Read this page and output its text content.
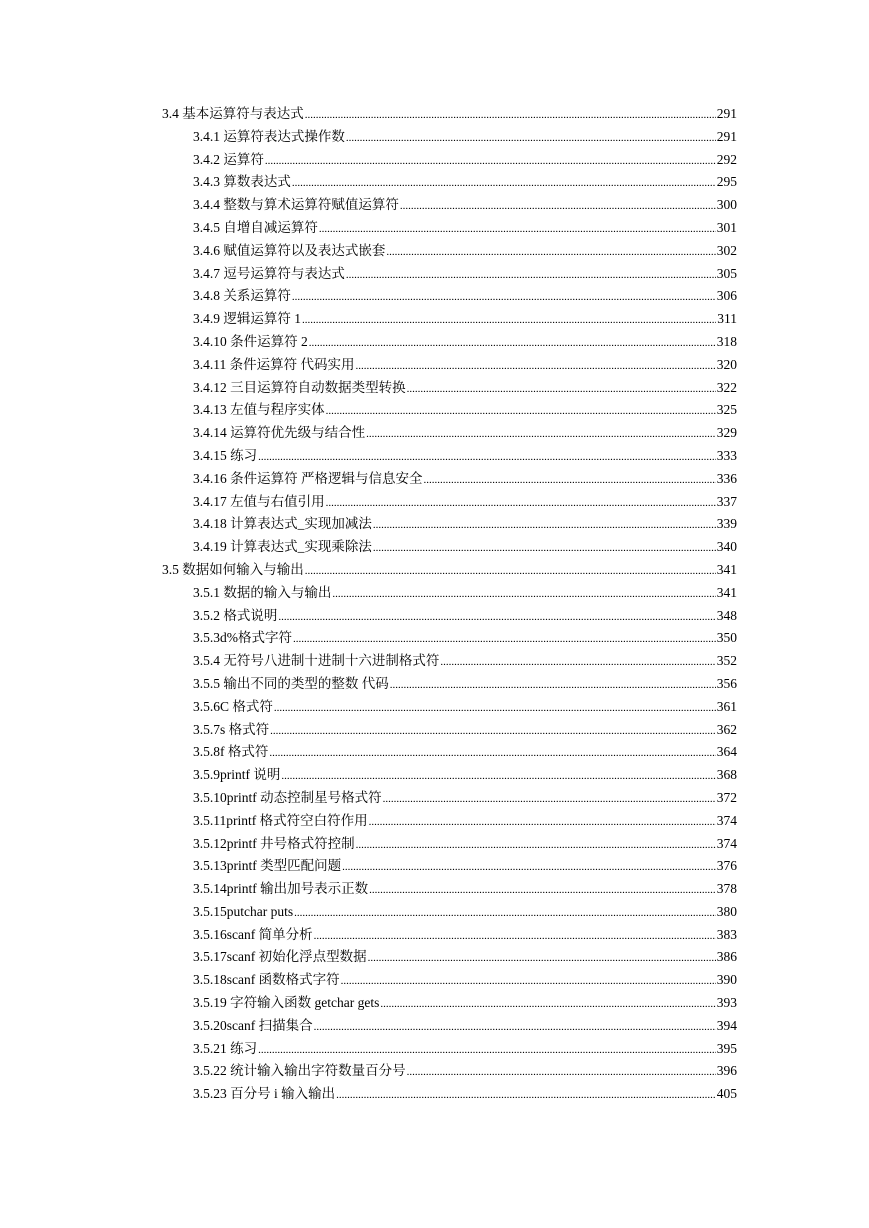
3.4 基本运算符与表达式 .....	291
3.4.1 运算符表达式操作数 .....	291
3.4.2 运算符 .....	292
3.4.3 算数表达式 .....	295
3.4.4 整数与算术运算符赋值运算符 .....	300
3.4.5 自增自减运算符 .....	301
3.4.6 赋值运算符以及表达式嵌套 .....	302
3.4.7 逗号运算符与表达式 .....	305
3.4.8 关系运算符 .....	306
3.4.9 逻辑运算符 1 .....	311
3.4.10 条件运算符 2 .....	318
3.4.11 条件运算符 代码实用 .....	320
3.4.12 三目运算符自动数据类型转换 .....	322
3.4.13 左值与程序实体 .....	325
3.4.14 运算符优先级与结合性 .....	329
3.4.15 练习 .....	333
3.4.16 条件运算符 严格逻辑与信息安全 .....	336
3.4.17 左值与右值引用 .....	337
3.4.18 计算表达式_实现加减法 .....	339
3.4.19 计算表达式_实现乘除法 .....	340
3.5 数据如何输入与输出 .....	341
3.5.1 数据的输入与输出 .....	341
3.5.2 格式说明 .....	348
3.5.3d%格式字符 .....	350
3.5.4 无符号八进制十进制十六进制格式符 .....	352
3.5.5 输出不同的类型的整数 代码 .....	356
3.5.6C 格式符 .....	361
3.5.7s 格式符 .....	362
3.5.8f 格式符 .....	364
3.5.9printf 说明 .....	368
3.5.10printf 动态控制星号格式符 .....	372
3.5.11printf 格式符空白符作用 .....	374
3.5.12printf 井号格式符控制 .....	374
3.5.13printf 类型匹配问题 .....	376
3.5.14printf 输出加号表示正数 .....	378
3.5.15putchar puts .....	380
3.5.16scanf 简单分析 .....	383
3.5.17scanf 初始化浮点型数据 .....	386
3.5.18scanf 函数格式字符 .....	390
3.5.19 字符输入函数 getchar gets .....	393
3.5.20scanf 扫描集合 .....	394
3.5.21 练习 .....	395
3.5.22 统计输入输出字符数量百分号 .....	396
3.5.23 百分号 i 输入输出 .....	405
